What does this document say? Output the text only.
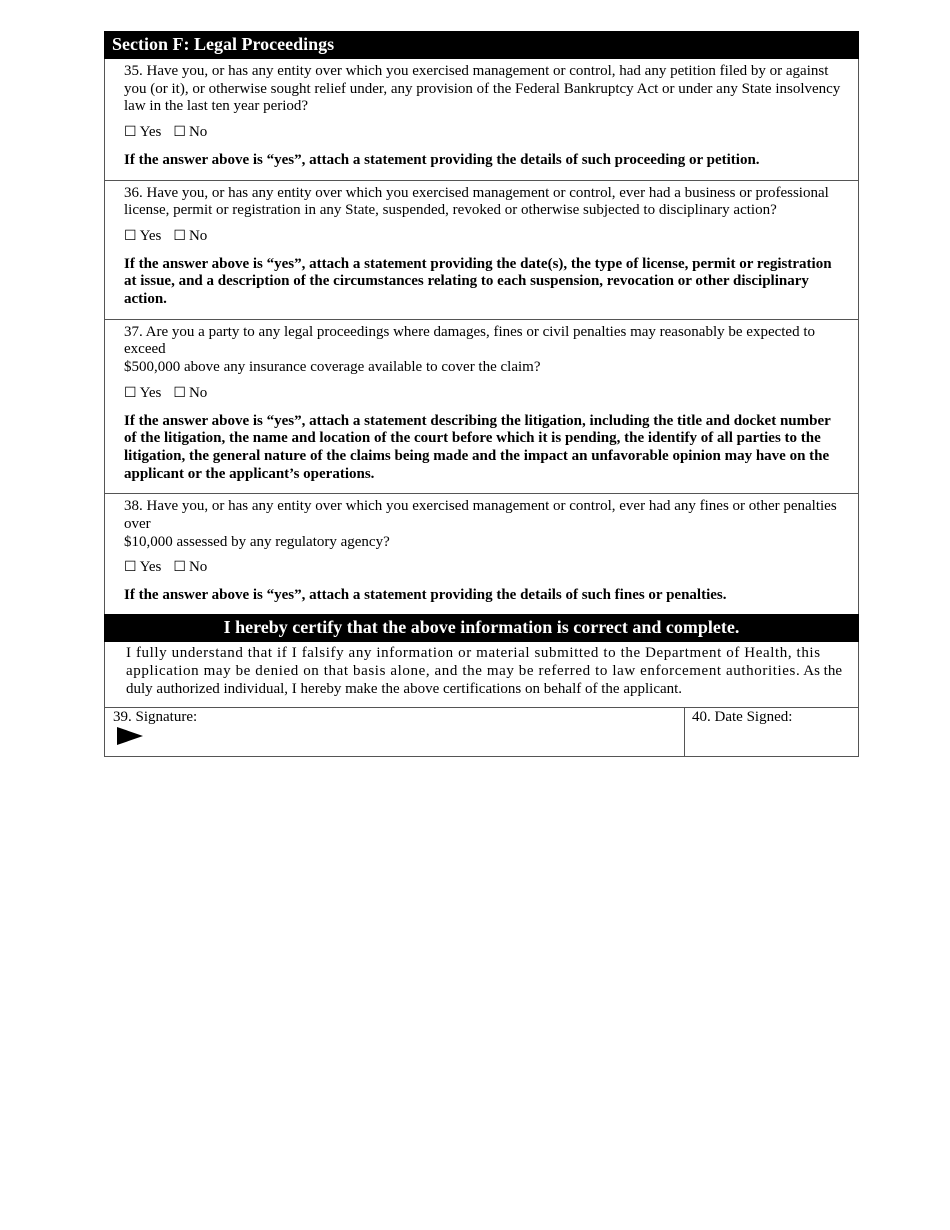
Section F: Legal Proceedings

35. Have you, or has any entity over which you exercised management or control, had any petition filed by or against you (or it), or otherwise sought relief under, any provision of the Federal Bankruptcy Act or under any State insolvency law in the last ten year period?

☐ Yes ☐ No

If the answer above is “yes”, attach a statement providing the details of such proceeding or petition.

36. Have you, or has any entity over which you exercised management or control, ever had a business or professional license, permit or registration in any State, suspended, revoked or otherwise subjected to disciplinary action?

☐ Yes ☐ No

If the answer above is “yes”, attach a statement providing the date(s), the type of license, permit or registration at issue, and a description of the circumstances relating to each suspension, revocation or other disciplinary action.

37. Are you a party to any legal proceedings where damages, fines or civil penalties may reasonably be expected to exceed
$500,000 above any insurance coverage available to cover the claim?

☐ Yes ☐ No

If the answer above is “yes”, attach a statement describing the litigation, including the title and docket number of the litigation, the name and location of the court before which it is pending, the identify of all parties to the litigation, the general nature of the claims being made and the impact an unfavorable opinion may have on the applicant or the applicant’s operations.

38. Have you, or has any entity over which you exercised management or control, ever had any fines or other penalties over
$10,000 assessed by any regulatory agency?

☐ Yes ☐ No

If the answer above is “yes”, attach a statement providing the details of such fines or penalties.

I hereby certify that the above information is correct and complete.
I fully understand that if I falsify any information or material submitted to the Department of Health, this application may be denied on that basis alone, and the may be referred to law enforcement authorities. As the duly authorized individual, I hereby make the above certifications on behalf of the applicant.
39. Signature:	40. Date Signed:
